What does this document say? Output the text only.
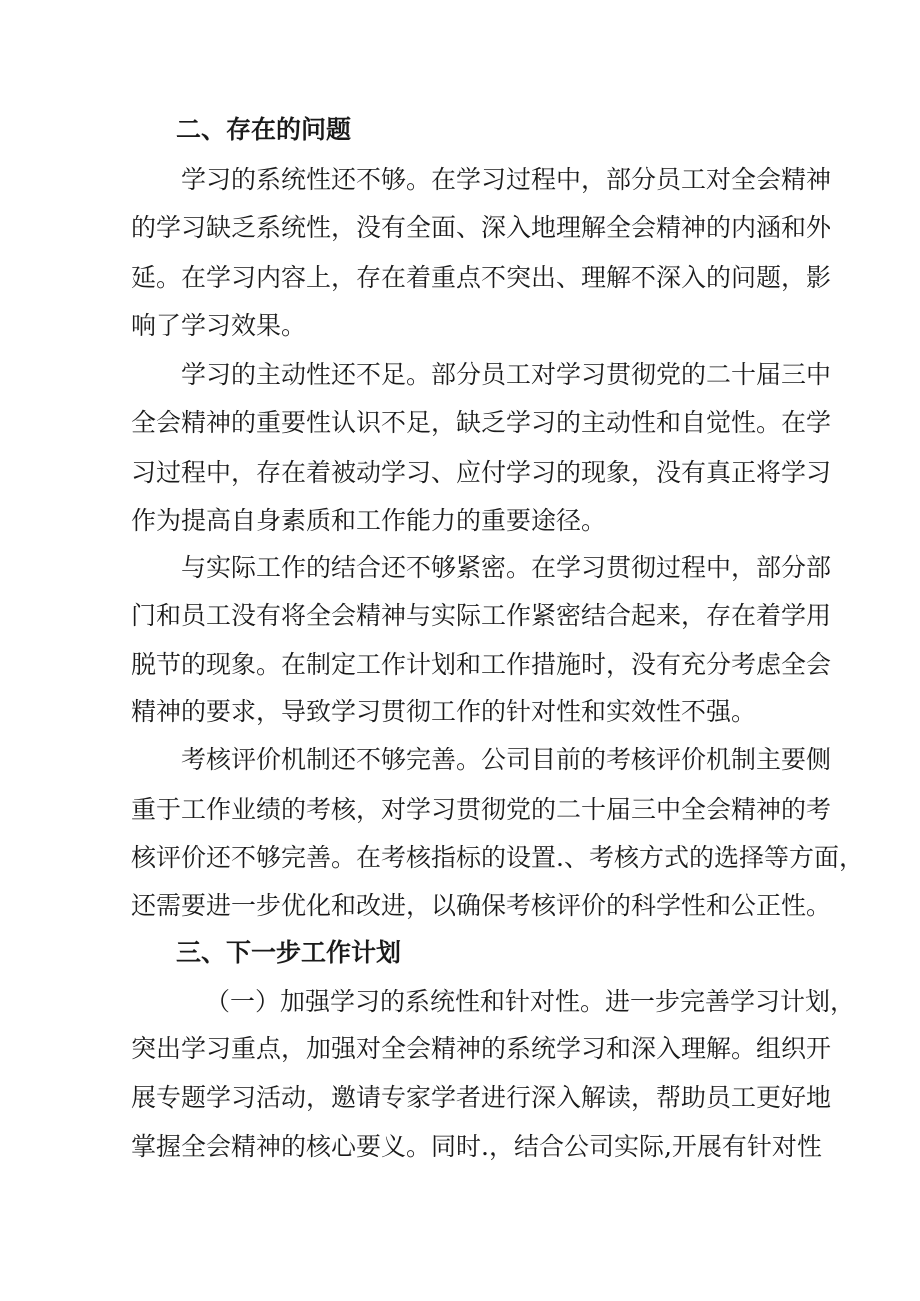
二、存在的问题
学习的系统性还不够。在学习过程中，部分员工对全会精神
的学习缺乏系统性，没有全面、深入地理解全会精神的内涵和外
延。在学习内容上，存在着重点不突出、理解不深入的问题，影
响了学习效果。
学习的主动性还不足。部分员工对学习贯彻党的二十届三中
全会精神的重要性认识不足，缺乏学习的主动性和自觉性。在学
习过程中，存在着被动学习、应付学习的现象，没有真正将学习
作为提高自身素质和工作能力的重要途径。
与实际工作的结合还不够紧密。在学习贯彻过程中，部分部
门和员工没有将全会精神与实际工作紧密结合起来，存在着学用
脱节的现象。在制定工作计划和工作措施时，没有充分考虑全会
精神的要求，导致学习贯彻工作的针对性和实效性不强。
考核评价机制还不够完善。公司目前的考核评价机制主要侧
重于工作业绩的考核，对学习贯彻党的二十届三中全会精神的考
核评价还不够完善。在考核指标的设置.、考核方式的选择等方面，
还需要进一步优化和改进，以确保考核评价的科学性和公正性。
三、下一步工作计划
（一）加强学习的系统性和针对性。进一步完善学习计划，
突出学习重点，加强对全会精神的系统学习和深入理解。组织开
展专题学习活动，邀请专家学者进行深入解读，帮助员工更好地
掌握全会精神的核心要义。同时.，结合公司实际,开展有针对性
